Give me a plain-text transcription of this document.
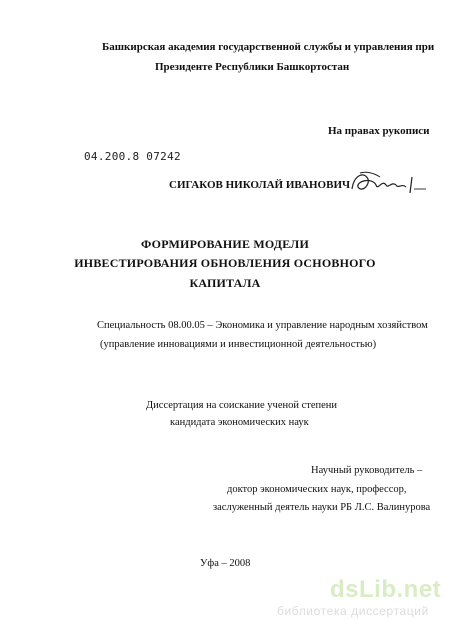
Башкирская академия государственной службы и управления при
Президенте Республики Башкортостан
На правах рукописи
04.200.8 07242
СИГАКОВ НИКОЛАЙ ИВАНОВИЧ
ФОРМИРОВАНИЕ МОДЕЛИ
ИНВЕСТИРОВАНИЯ ОБНОВЛЕНИЯ ОСНОВНОГО
КАПИТАЛА
Специальность 08.00.05 – Экономика и управление народным хозяйством
(управление инновациями и инвестиционной деятельностью)
Диссертация на соискание ученой степени
кандидата экономических наук
Научный руководитель –
доктор экономических наук, профессор,
заслуженный деятель науки РБ Л.С. Валинурова
Уфа – 2008
dsLib.net
библиотека диссертаций
